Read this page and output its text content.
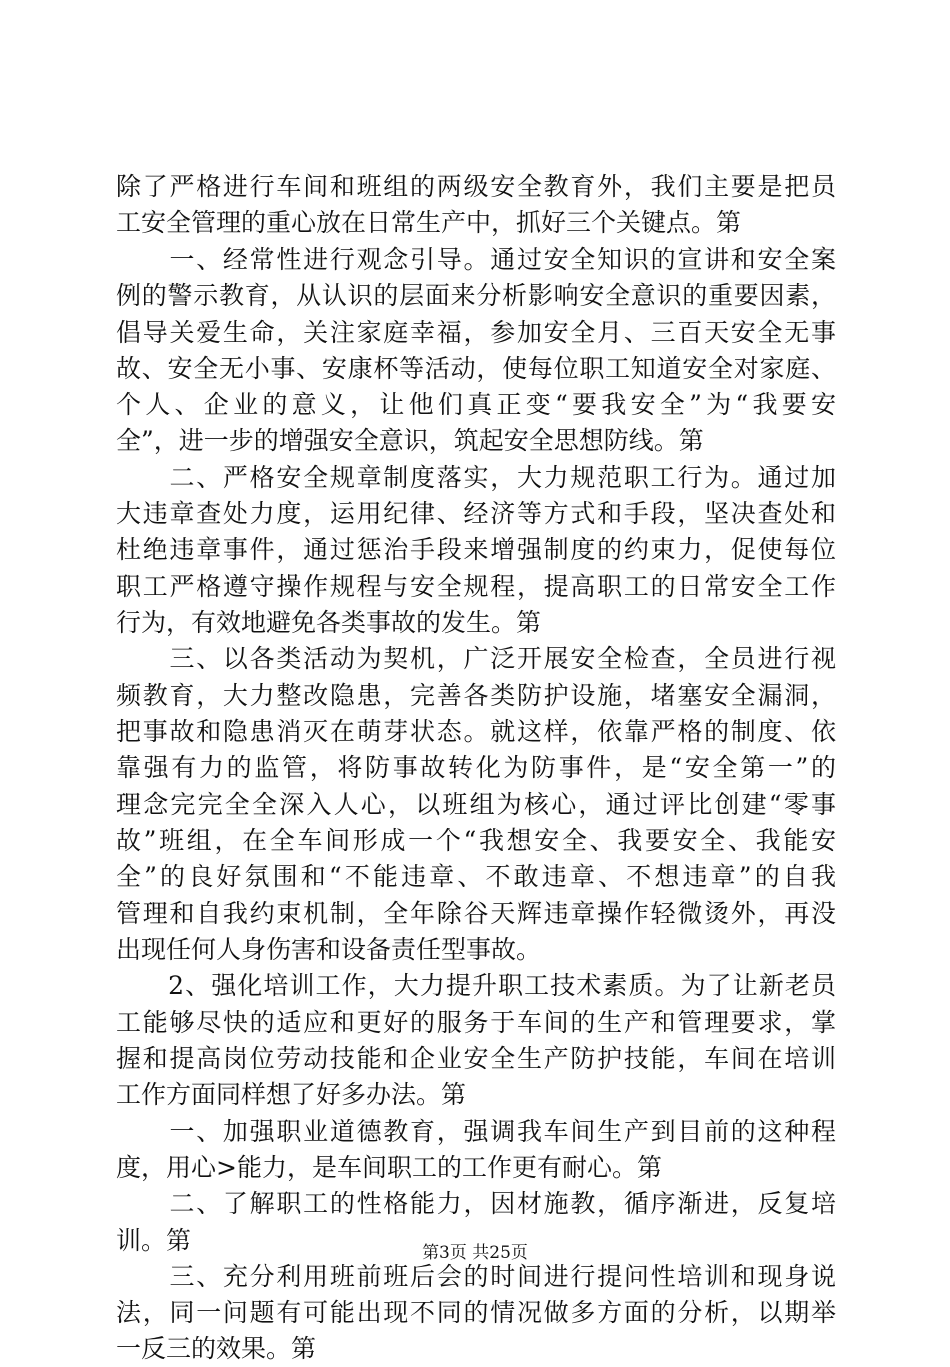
除了严格进行车间和班组的两级安全教育外，我们主要是把员
工安全管理的重心放在日常生产中，抓好三个关键点。第
　　一、经常性进行观念引导。通过安全知识的宣讲和安全案
例的警示教育，从认识的层面来分析影响安全意识的重要因素，
倡导关爱生命，关注家庭幸福，参加安全月、三百天安全无事
故、安全无小事、安康杯等活动，使每位职工知道安全对家庭、
个人、企业的意义，让他们真正变“要我安全”为“我要安
全”，进一步的增强安全意识，筑起安全思想防线。第
　　二、严格安全规章制度落实，大力规范职工行为。通过加
大违章查处力度，运用纪律、经济等方式和手段，坚决查处和
杜绝违章事件，通过惩治手段来增强制度的约束力，促使每位
职工严格遵守操作规程与安全规程，提高职工的日常安全工作
行为，有效地避免各类事故的发生。第
　　三、以各类活动为契机，广泛开展安全检查，全员进行视
频教育，大力整改隐患，完善各类防护设施，堵塞安全漏洞，
把事故和隐患消灭在萌芽状态。就这样，依靠严格的制度、依
靠强有力的监管，将防事故转化为防事件，是“安全第一”的
理念完完全全深入人心，以班组为核心，通过评比创建“零事
故”班组，在全车间形成一个“我想安全、我要安全、我能安
全”的良好氛围和“不能违章、不敢违章、不想违章”的自我
管理和自我约束机制，全年除谷天辉违章操作轻微烫外，再没
出现任何人身伤害和设备责任型事故。
　　2、强化培训工作，大力提升职工技术素质。为了让新老员
工能够尽快的适应和更好的服务于车间的生产和管理要求，掌
握和提高岗位劳动技能和企业安全生产防护技能，车间在培训
工作方面同样想了好多办法。第
　　一、加强职业道德教育，强调我车间生产到目前的这种程
度，用心>能力，是车间职工的工作更有耐心。第
　　二、了解职工的性格能力，因材施教，循序渐进，反复培
训。第
　　三、充分利用班前班后会的时间进行提问性培训和现身说
法，同一问题有可能出现不同的情况做多方面的分析，以期举
一反三的效果。第
第3页 共25页
